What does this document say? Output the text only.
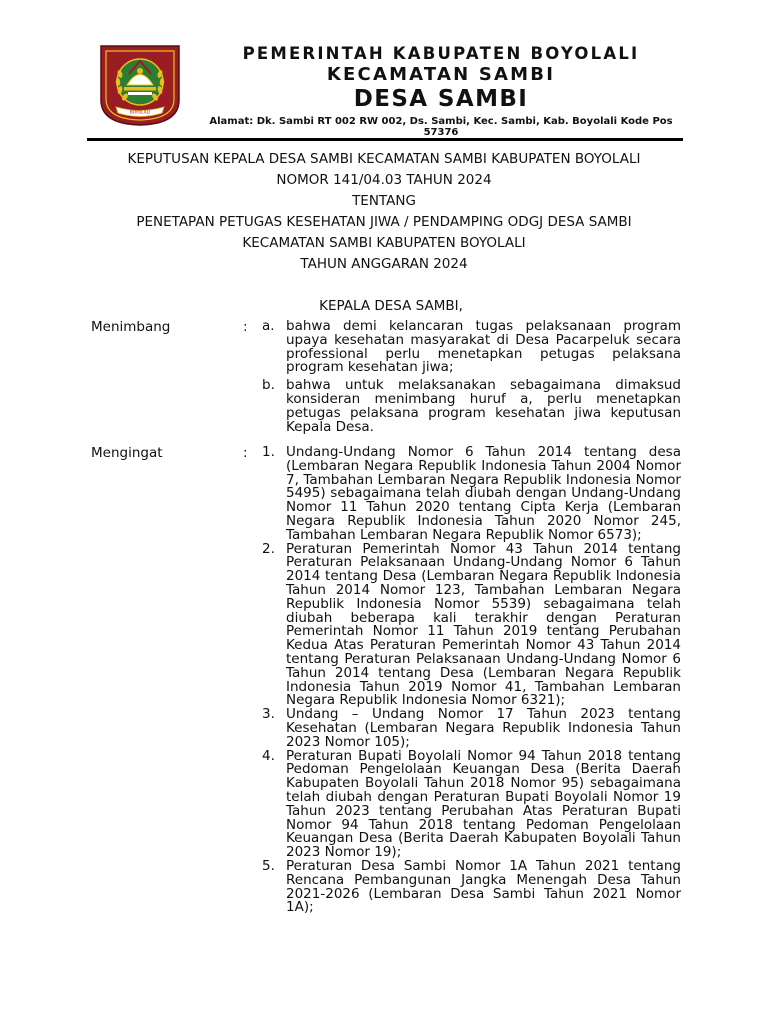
BOYOLALI
PEMERINTAH KABUPATEN BOYOLALI
KECAMATAN SAMBI
DESA SAMBI
Alamat: Dk. Sambi RT 002 RW 002, Ds. Sambi, Kec. Sambi, Kab. Boyolali Kode Pos 57376
KEPUTUSAN KEPALA DESA SAMBI KECAMATAN SAMBI KABUPATEN BOYOLALI
NOMOR 141/04.03 TAHUN 2024
TENTANG
PENETAPAN PETUGAS KESEHATAN JIWA / PENDAMPING ODGJ DESA SAMBI
KECAMATAN SAMBI KABUPATEN BOYOLALI
TAHUN ANGGARAN 2024
KEPALA DESA SAMBI,
Menimbang	: a. bahwa demi kelancaran tugas pelaksanaan program upaya kesehatan masyarakat di Desa Pacarpeluk secara professional perlu menetapkan petugas pelaksana program kesehatan jiwa;
b. bahwa untuk melaksanakan sebagaimana dimaksud konsideran menimbang huruf a, perlu menetapkan petugas pelaksana program kesehatan jiwa keputusan Kepala Desa.
Mengingat	: 1. Undang-Undang Nomor 6 Tahun 2014 tentang desa (Lembaran Negara Republik Indonesia Tahun 2004 Nomor 7, Tambahan Lembaran Negara Republik Indonesia Nomor 5495) sebagaimana telah diubah dengan Undang-Undang Nomor 11 Tahun 2020 tentang Cipta Kerja (Lembaran Negara Republik Indonesia Tahun 2020 Nomor 245, Tambahan Lembaran Negara Republik Nomor 6573);
2. Peraturan Pemerintah Nomor 43 Tahun 2014 tentang Peraturan Pelaksanaan Undang-Undang Nomor 6 Tahun 2014 tentang Desa (Lembaran Negara Republik Indonesia Tahun 2014 Nomor 123, Tambahan Lembaran Negara Republik Indonesia Nomor 5539) sebagaimana telah diubah beberapa kali terakhir dengan Peraturan Pemerintah Nomor 11 Tahun 2019 tentang Perubahan Kedua Atas Peraturan Pemerintah Nomor 43 Tahun 2014 tentang Peraturan Pelaksanaan Undang-Undang Nomor 6 Tahun 2014 tentang Desa (Lembaran Negara Republik Indonesia Tahun 2019 Nomor 41, Tambahan Lembaran Negara Republik Indonesia Nomor 6321);
3. Undang – Undang Nomor 17 Tahun 2023 tentang Kesehatan (Lembaran Negara Republik Indonesia Tahun 2023 Nomor 105);
4. Peraturan Bupati Boyolali Nomor 94 Tahun 2018 tentang Pedoman Pengelolaan Keuangan Desa (Berita Daerah Kabupaten Boyolali Tahun 2018 Nomor 95) sebagaimana telah diubah dengan Peraturan Bupati Boyolali Nomor 19 Tahun 2023 tentang Perubahan Atas Peraturan Bupati Nomor 94 Tahun 2018 tentang Pedoman Pengelolaan Keuangan Desa (Berita Daerah Kabupaten Boyolali Tahun 2023 Nomor 19);
5. Peraturan Desa Sambi Nomor 1A Tahun 2021 tentang Rencana Pembangunan Jangka Menengah Desa Tahun 2021-2026 (Lembaran Desa Sambi Tahun 2021 Nomor 1A);
